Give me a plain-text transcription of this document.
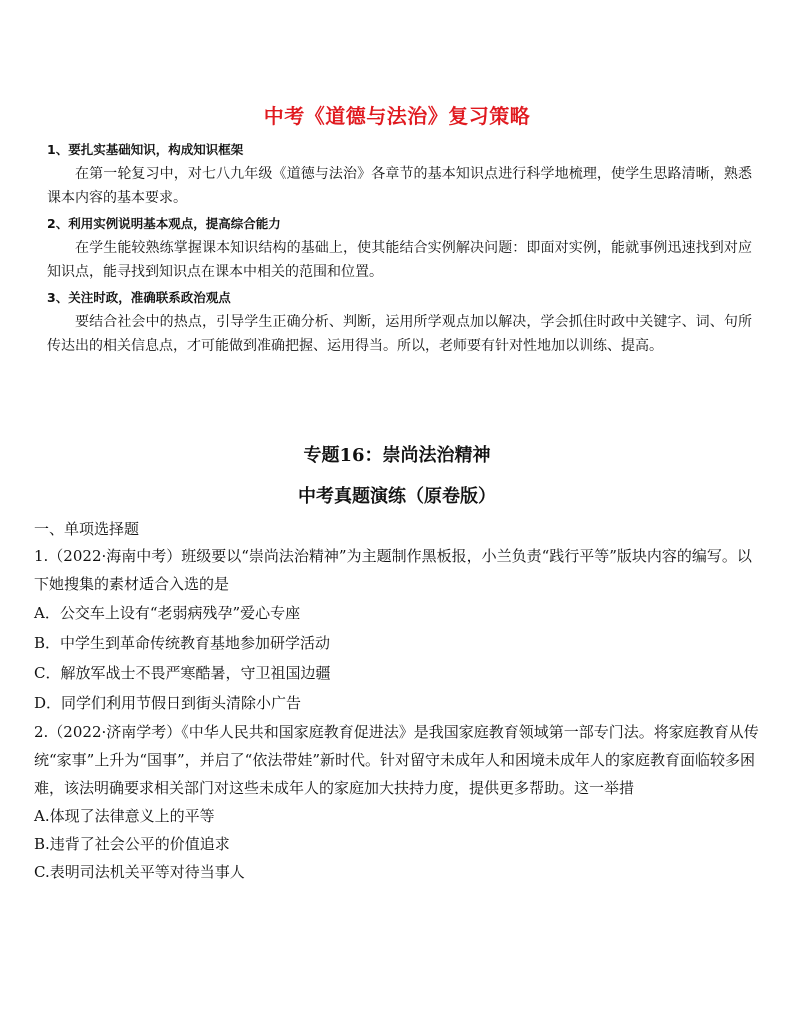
中考《道德与法治》复习策略

1、要扎实基础知识，构成知识框架

在第一轮复习中，对七八九年级《道德与法治》各章节的基本知识点进行科学地梳理，使学生思路清晰，熟悉课本内容的基本要求。

2、利用实例说明基本观点，提高综合能力

在学生能较熟练掌握课本知识结构的基础上，使其能结合实例解决问题：即面对实例，能就事例迅速找到对应知识点，能寻找到知识点在课本中相关的范围和位置。

3、关注时政，准确联系政治观点

要结合社会中的热点，引导学生正确分析、判断，运用所学观点加以解决，学会抓住时政中关键字、词、句所传达出的相关信息点，才可能做到准确把握、运用得当。所以，老师要有针对性地加以训练、提高。

专题16：崇尚法治精神
中考真题演练（原卷版）

一、单项选择题

1.（2022·海南中考）班级要以“崇尚法治精神”为主题制作黑板报，小兰负责“践行平等”版块内容的编写。以下她搜集的素材适合入选的是

A．公交车上设有“老弱病残孕”爱心专座

B．中学生到革命传统教育基地参加研学活动

C．解放军战士不畏严寒酷暑，守卫祖国边疆

D．同学们利用节假日到街头清除小广告

2.（2022·济南学考）《中华人民共和国家庭教育促进法》是我国家庭教育领域第一部专门法。将家庭教育从传统“家事”上升为“国事”，并启了“依法带娃”新时代。针对留守未成年人和困境未成年人的家庭教育面临较多困难，该法明确要求相关部门对这些未成年人的家庭加大扶持力度，提供更多帮助。这一举措

A.体现了法律意义上的平等

B.违背了社会公平的价值追求

C.表明司法机关平等对待当事人
